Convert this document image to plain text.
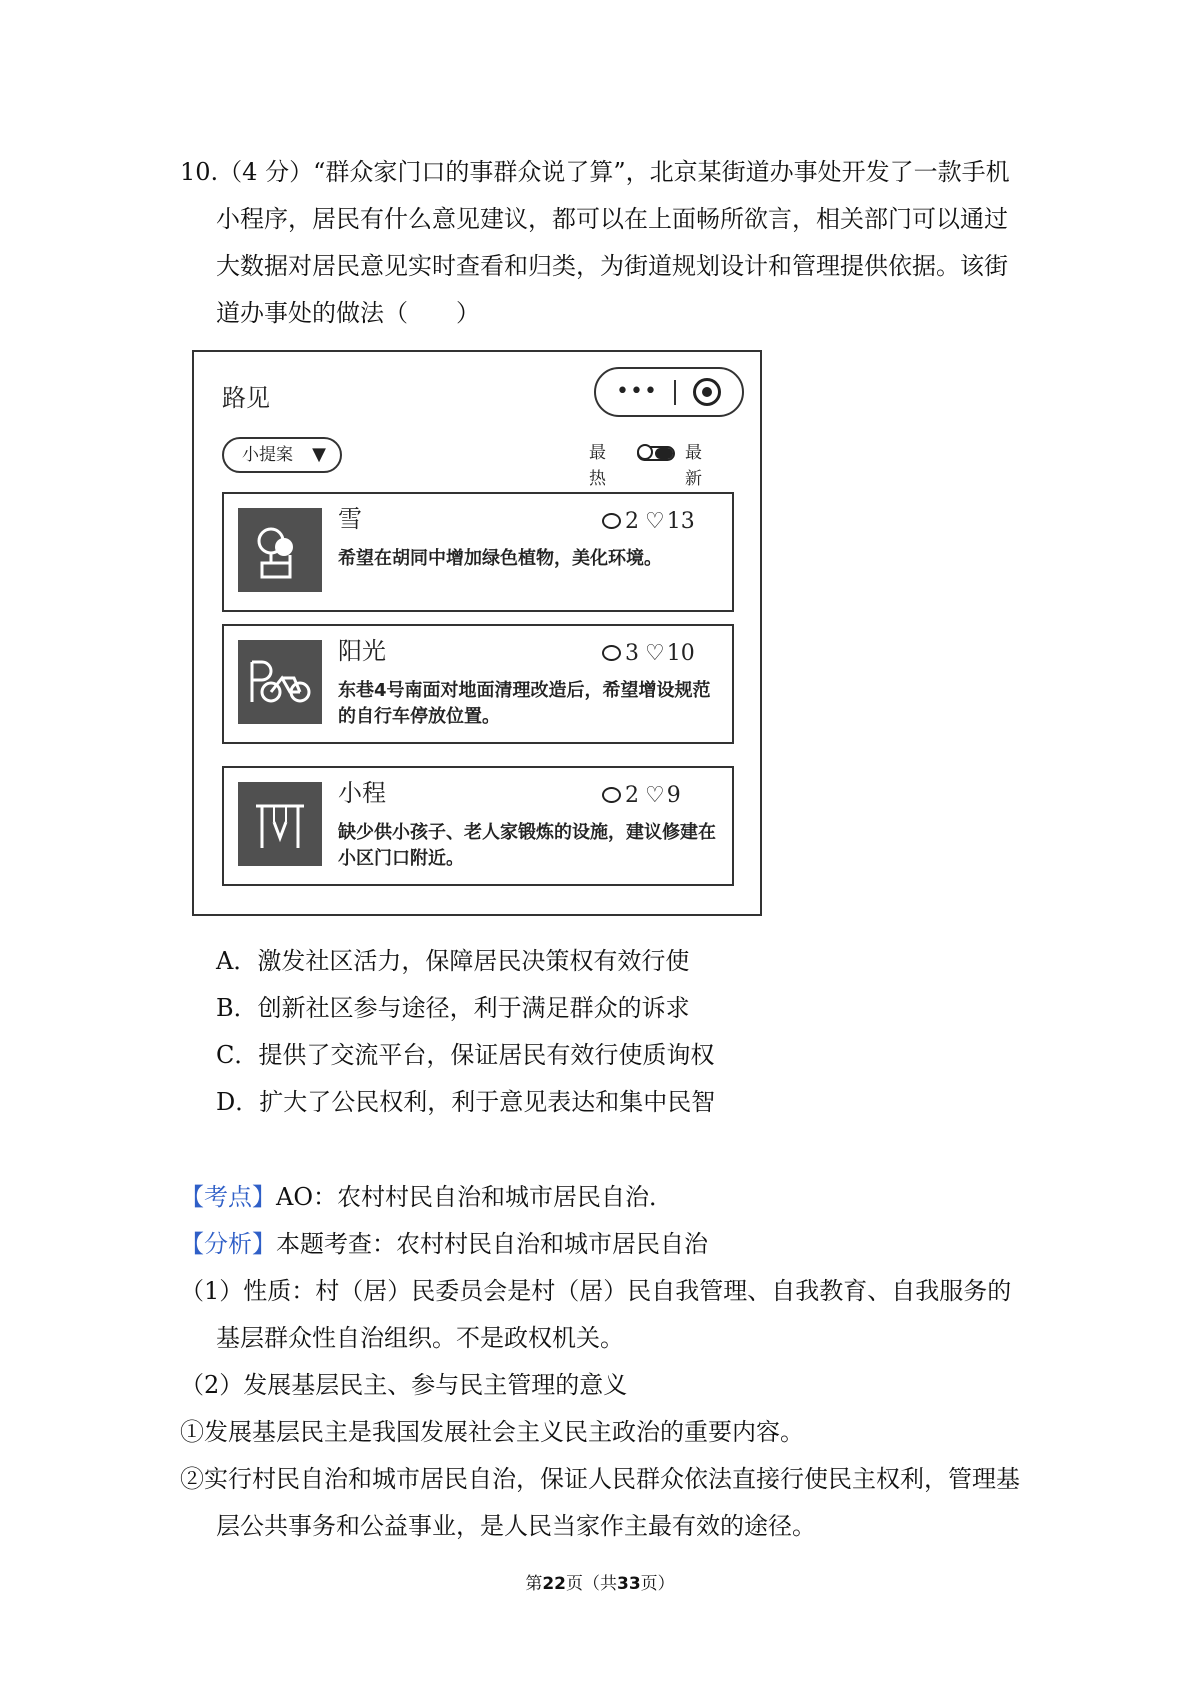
10.（4 分）“群众家门口的事群众说了算”，北京某街道办事处开发了一款手机
小程序，居民有什么意见建议，都可以在上面畅所欲言，相关部门可以通过
大数据对居民意见实时查看和归类，为街道规划设计和管理提供依据。该街
道办事处的做法（　　）
路见	•••
小提案 ▼	最热
最新
雪	2 ♡13
希望在胡同中增加绿色植物，美化环境。
阳光	3 ♡10
东巷4号南面对地面清理改造后，希望增设规范的自行车停放位置。
小程	2 ♡9
缺少供小孩子、老人家锻炼的设施，建议修建在小区门口附近。
A．激发社区活力，保障居民决策权有效行使
B．创新社区参与途径，利于满足群众的诉求
C．提供了交流平台，保证居民有效行使质询权
D．扩大了公民权利，利于意见表达和集中民智
【考点】AO：农村村民自治和城市居民自治．
【分析】本题考查：农村村民自治和城市居民自治
（1）性质：村（居）民委员会是村（居）民自我管理、自我教育、自我服务的
基层群众性自治组织。不是政权机关。
（2）发展基层民主、参与民主管理的意义
①发展基层民主是我国发展社会主义民主政治的重要内容。
②实行村民自治和城市居民自治，保证人民群众依法直接行使民主权利，管理基
层公共事务和公益事业，是人民当家作主最有效的途径。
第22页（共33页）
